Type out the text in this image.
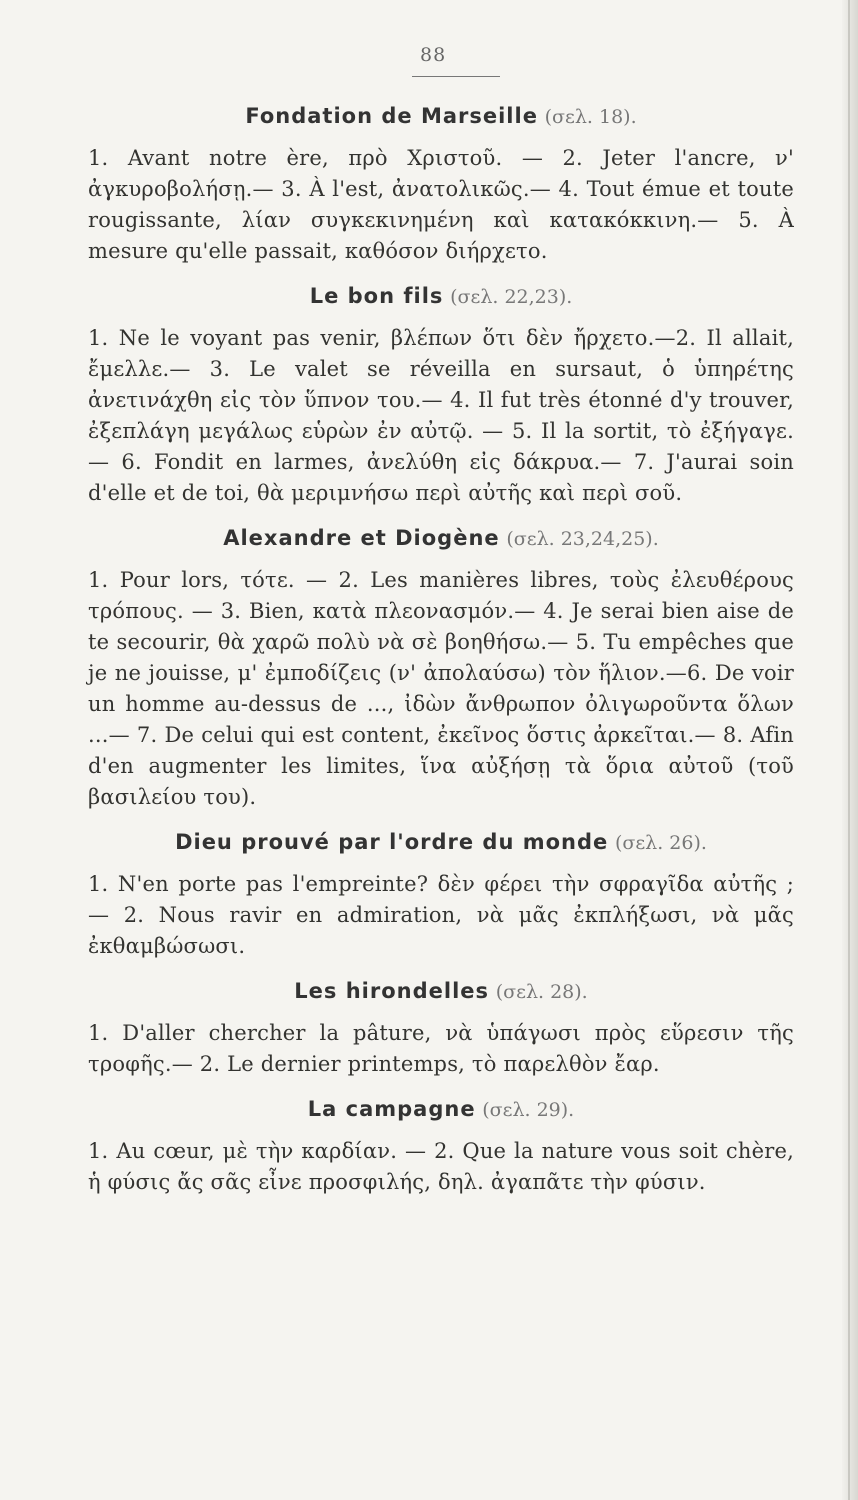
88

Fondation de Marseille (σελ. 18).

1. Avant notre ère, πρὸ Χριστοῦ. — 2. Jeter l'ancre, ν' ἀγκυροβολήσῃ.— 3. À l'est, ἀνατολικῶς.— 4. Tout émue et toute rougissante, λίαν συγκεκινημένη καὶ κατακόκκινη.— 5. À mesure qu'elle passait, καθόσον διήρχετο.

Le bon fils (σελ. 22,23).

1. Ne le voyant pas venir, βλέπων ὅτι δὲν ἤρχετο.—2. Il allait, ἔμελλε.— 3. Le valet se réveilla en sursaut, ὁ ὑπηρέτης ἀνετινάχθη εἰς τὸν ὕπνον του.— 4. Il fut très étonné d'y trouver, ἐξεπλάγη μεγάλως εὑρὼν ἐν αὐτῷ. — 5. Il la sortit, τὸ ἐξήγαγε. — 6. Fondit en larmes, ἀνελύθη εἰς δάκρυα.— 7. J'aurai soin d'elle et de toi, θὰ μεριμνήσω περὶ αὐτῆς καὶ περὶ σοῦ.

Alexandre et Diogène (σελ. 23,24,25).

1. Pour lors, τότε. — 2. Les manières libres, τοὺς ἐλευθέρους τρόπους. — 3. Bien, κατὰ πλεονασμόν.— 4. Je serai bien aise de te secourir, θὰ χαρῶ πολὺ νὰ σὲ βοηθήσω.— 5. Tu empêches que je ne jouisse, μ' ἐμποδίζεις (ν' ἀπολαύσω) τὸν ἥλιον.—6. De voir un homme au-dessus de ..., ἰδὼν ἄνθρωπον ὀλιγωροῦντα ὅλων ...— 7. De celui qui est content, ἐκεῖνος ὅστις ἀρκεῖται.— 8. Afin d'en augmenter les limites, ἵνα αὐξήσῃ τὰ ὅρια αὐτοῦ (τοῦ βασιλείου του).

Dieu prouvé par l'ordre du monde (σελ. 26).

1. N'en porte pas l'empreinte? δὲν φέρει τὴν σφραγῖδα αὐτῆς ; — 2. Nous ravir en admiration, νὰ μᾶς ἐκπλήξωσι, νὰ μᾶς ἐκθαμβώσωσι.

Les hirondelles (σελ. 28).

1. D'aller chercher la pâture, νὰ ὑπάγωσι πρὸς εὕρεσιν τῆς τροφῆς.— 2. Le dernier printemps, τὸ παρελθὸν ἔαρ.

La campagne (σελ. 29).

1. Au cœur, μὲ τὴν καρδίαν. — 2. Que la nature vous soit chère, ἡ φύσις ἄς σᾶς εἶνε προσφιλής, δηλ. ἀγαπᾶτε τὴν φύσιν.
